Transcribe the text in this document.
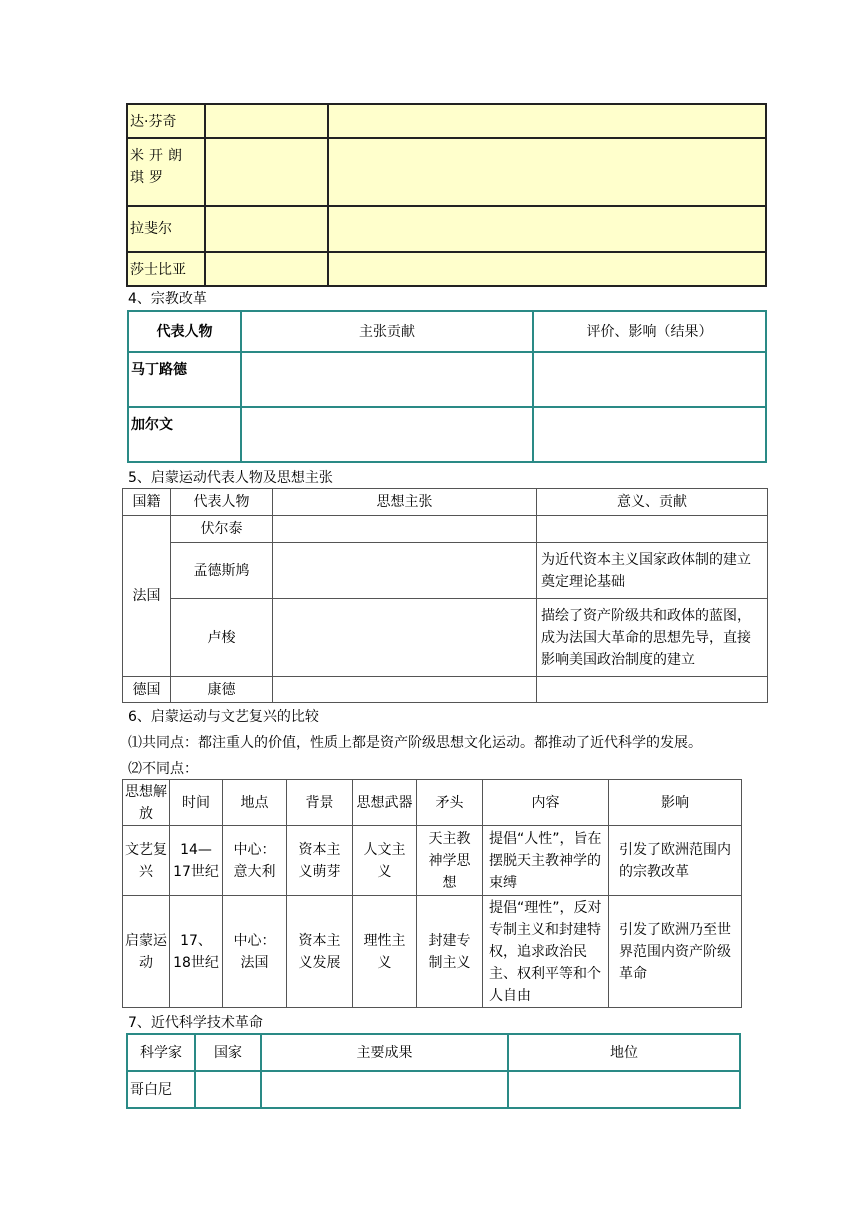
达·芬奇		
米开朗琪罗		
拉斐尔		
莎士比亚		
4、宗教改革
代表人物	主张贡献	评价、影响（结果）
马丁路德		
加尔文		
5、启蒙运动代表人物及思想主张
国籍	代表人物	思想主张	意义、贡献
法国	伏尔泰		
	孟德斯鸠		为近代资本主义国家政体制的建立奠定理论基础
	卢梭		描绘了资产阶级共和政体的蓝图，成为法国大革命的思想先导，直接影响美国政治制度的建立
德国	康德		
6、启蒙运动与文艺复兴的比较
⑴共同点：都注重人的价值，性质上都是资产阶级思想文化运动。都推动了近代科学的发展。
⑵不同点：
思想解放	时间	地点	背景	思想武器	矛头	内容	影响
文艺复兴	14—17世纪	中心：意大利	资本主义萌芽	人文主义	天主教神学思想	提倡“人性”，旨在摆脱天主教神学的束缚	引发了欧洲范围内的宗教改革
启蒙运动	17、18世纪	中心：法国	资本主义发展	理性主义	封建专制主义	提倡“理性”，反对专制主义和封建特权，追求政治民主、权利平等和个人自由	引发了欧洲乃至世界范围内资产阶级革命
7、近代科学技术革命
科学家	国家	主要成果	地位
哥白尼			
